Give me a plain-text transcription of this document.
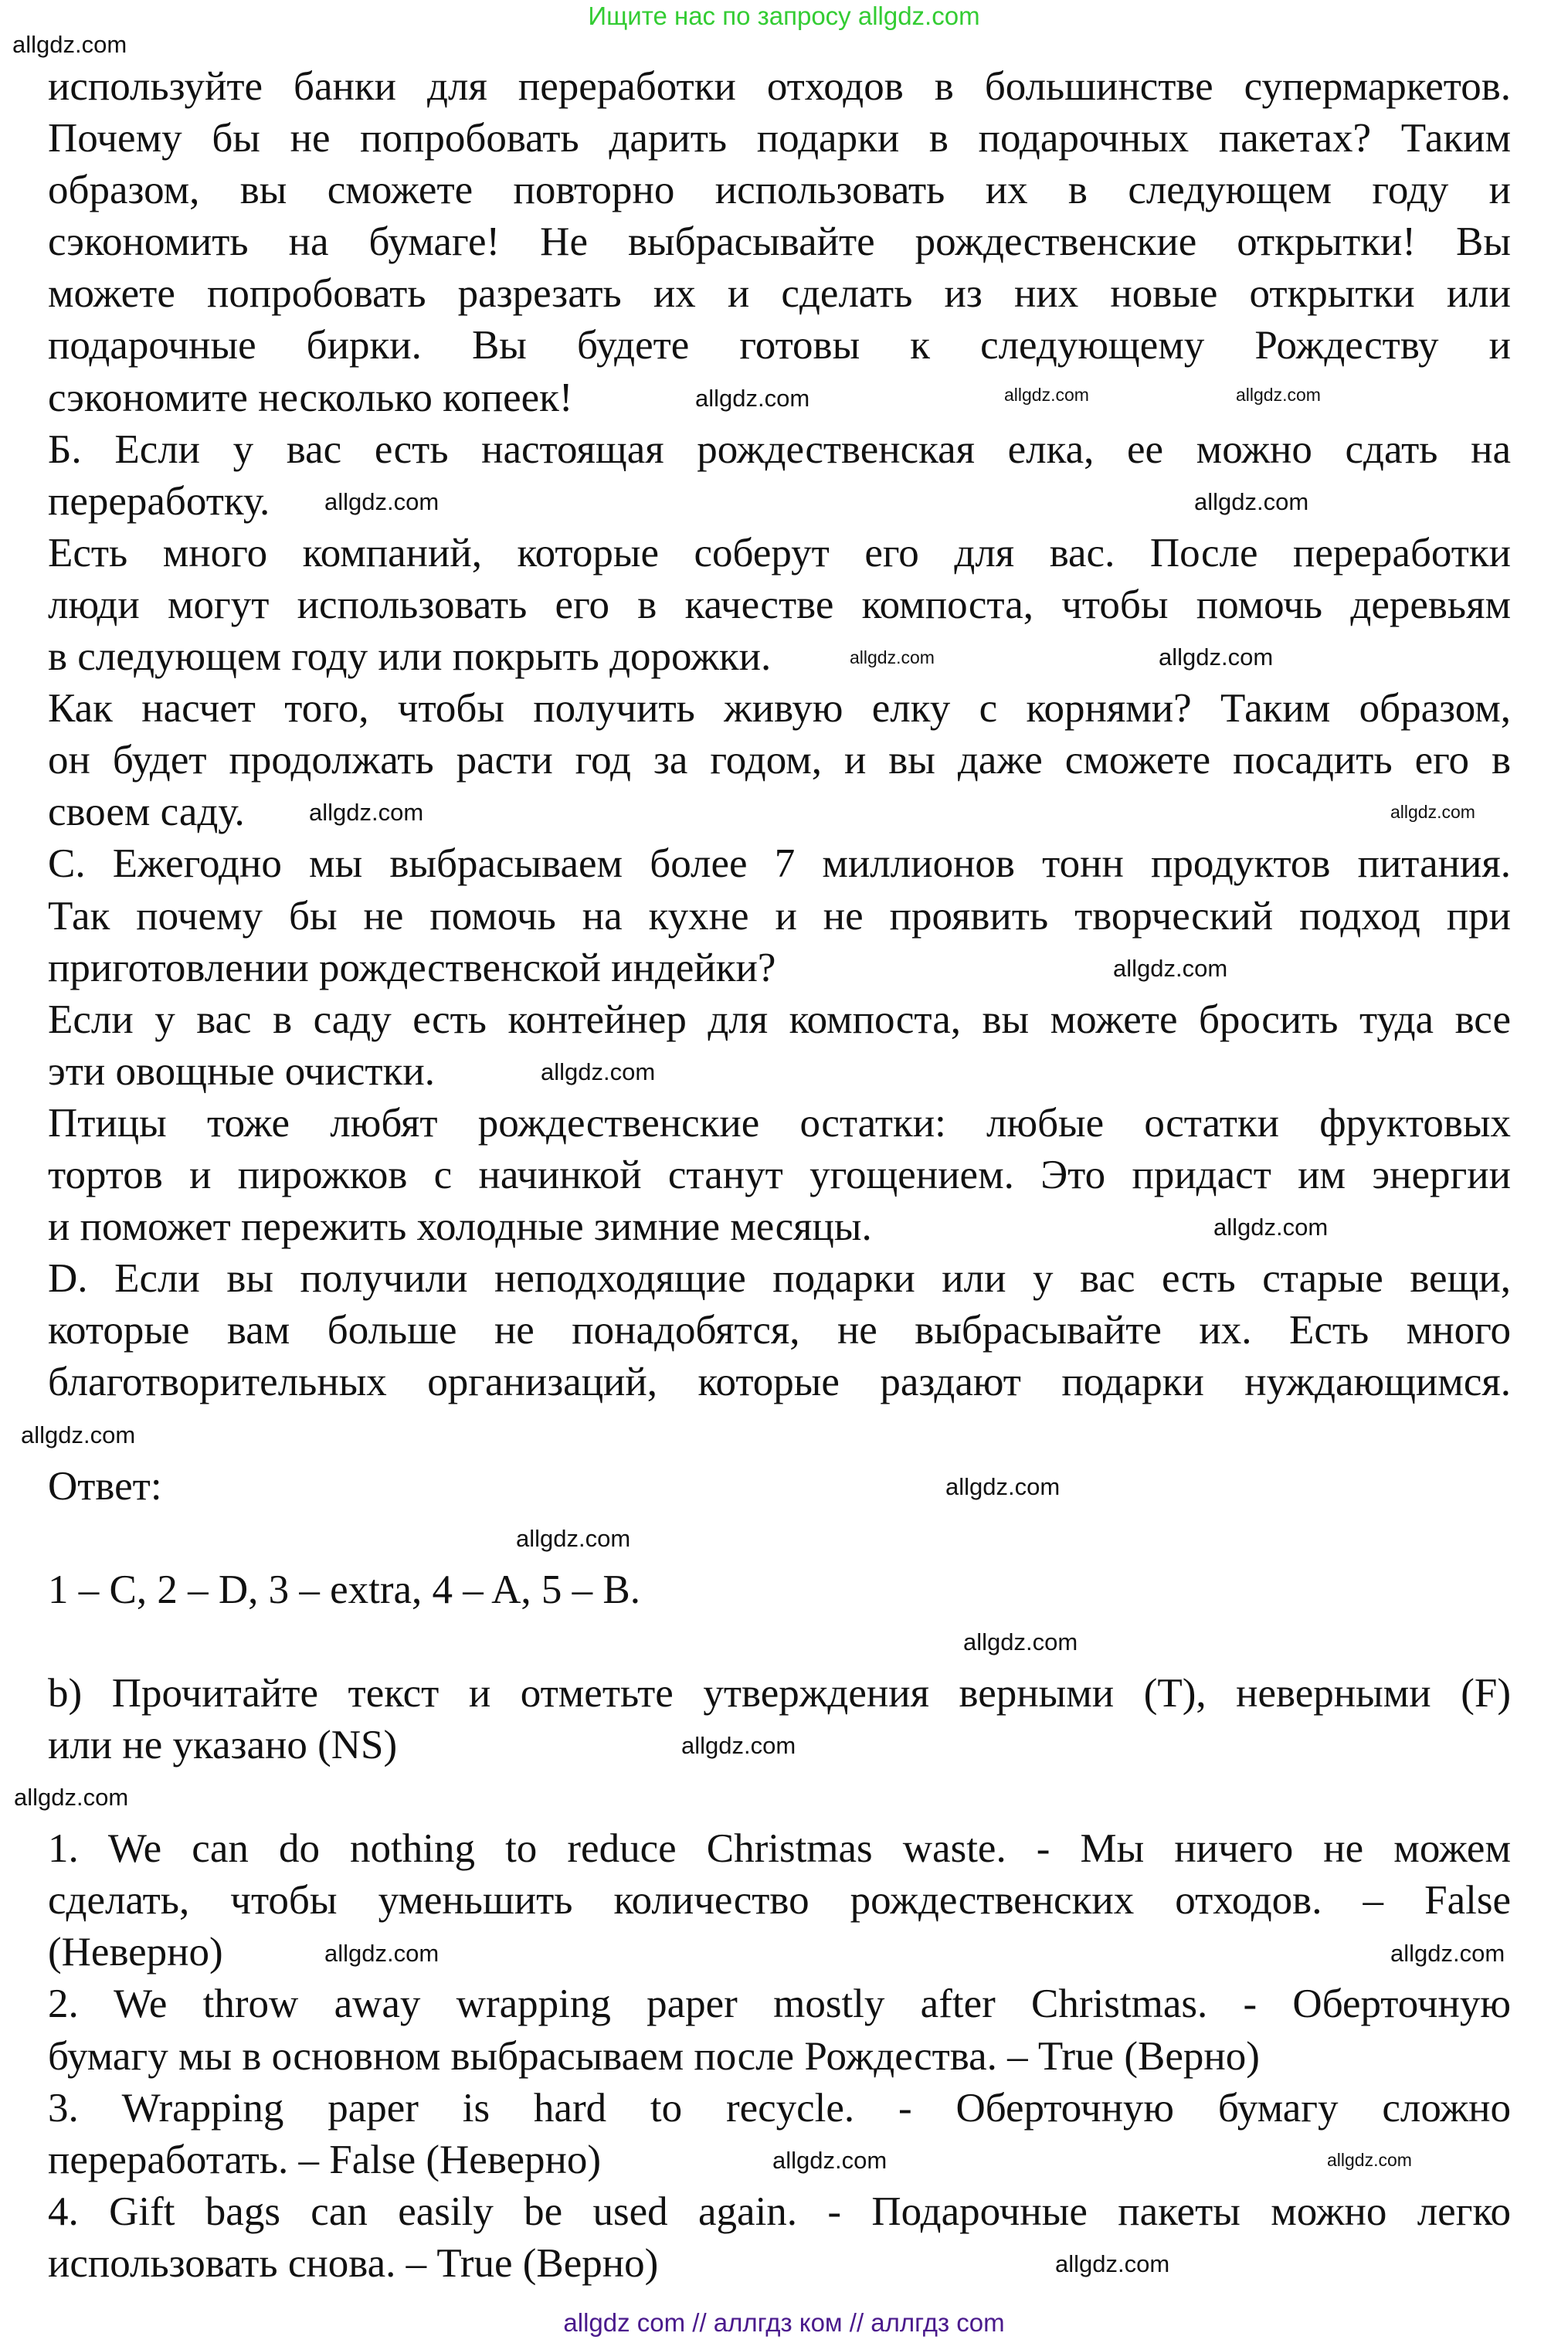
Ищите нас по запросу allgdz.com
используйте банки для переработки отходов в большинстве супермаркетов.
Почему бы не попробовать дарить подарки в подарочных пакетах? Таким
образом, вы сможете повторно использовать их в следующем году и
сэкономить на бумаге! Не выбрасывайте рождественские открытки! Вы
можете попробовать разрезать их и сделать из них новые открытки или
подарочные бирки. Вы будете готовы к следующему Рождеству и
сэкономите несколько копеек!
Б. Если у вас есть настоящая рождественская елка, ее можно сдать на
переработку.
Есть много компаний, которые соберут его для вас. После переработки
люди могут использовать его в качестве компоста, чтобы помочь деревьям
в следующем году или покрыть дорожки.
Как насчет того, чтобы получить живую елку с корнями? Таким образом,
он будет продолжать расти год за годом, и вы даже сможете посадить его в
своем саду.
C. Ежегодно мы выбрасываем более 7 миллионов тонн продуктов питания.
Так почему бы не помочь на кухне и не проявить творческий подход при
приготовлении рождественской индейки?
Если у вас в саду есть контейнер для компоста, вы можете бросить туда все
эти овощные очистки.
Птицы тоже любят рождественские остатки: любые остатки фруктовых
тортов и пирожков с начинкой станут угощением. Это придаст им энергии
и поможет пережить холодные зимние месяцы.
D. Если вы получили неподходящие подарки или у вас есть старые вещи,
которые вам больше не понадобятся, не выбрасывайте их. Есть много
благотворительных организаций, которые раздают подарки нуждающимся.
Ответ:
1 – C, 2 – D, 3 – extra, 4 – A, 5 – B.
b) Прочитайте текст и отметьте утверждения верными (T), неверными (F)
или не указано (NS)
1. We can do nothing to reduce Christmas waste. - Мы ничего не можем
сделать, чтобы уменьшить количество рождественских отходов. – False
(Неверно)
2. We throw away wrapping paper mostly after Christmas. - Оберточную
бумагу мы в основном выбрасываем после Рождества. – True (Верно)
3. Wrapping paper is hard to recycle. - Оберточную бумагу сложно
переработать. – False (Неверно)
4. Gift bags can easily be used again. - Подарочные пакеты можно легко
использовать снова. – True (Верно)
allgdz.com
allgdz.com
allgdz.com
allgdz.com
allgdz.com
allgdz.com
allgdz.com	allgdz.com
allgdz.com	allgdz.com
allgdz.com
allgdz.com
allgdz.com
allgdz.com
allgdz.com
allgdz.com
allgdz.com
allgdz.com
allgdz.com
allgdz.com
allgdz.com
allgdz.com	allgdz.com
allgdz.com
allgdz com // аллгдз ком // аллгдз com
